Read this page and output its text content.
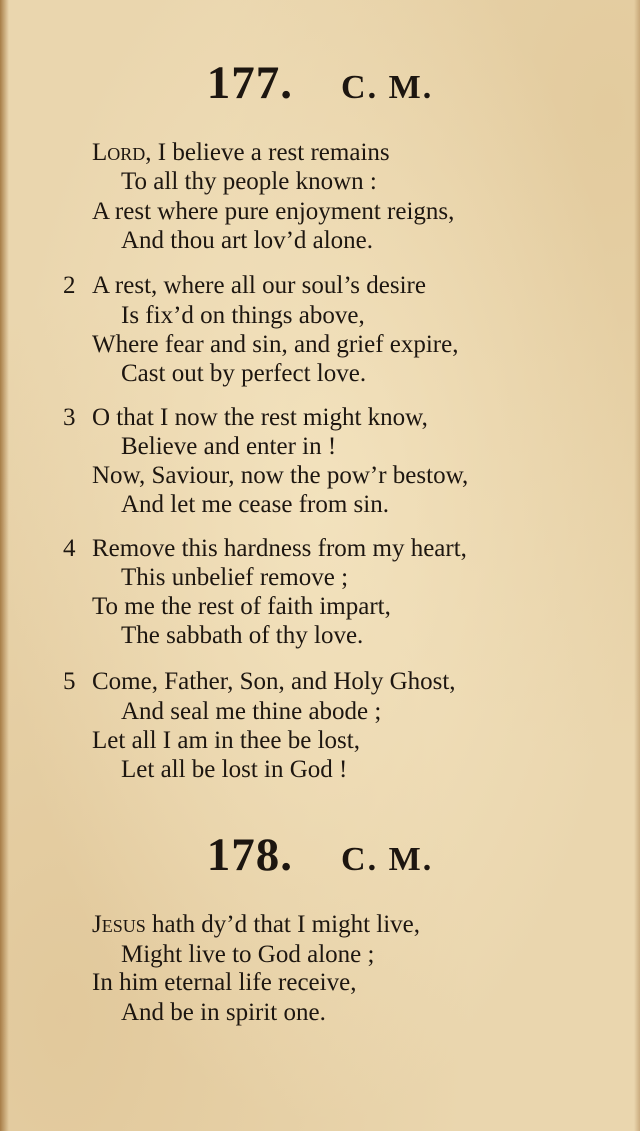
177. C. M.
Lord, I believe a rest remains
To all thy people known :
A rest where pure enjoyment reigns,
And thou art lov’d alone.
2 A rest, where all our soul’s desire
Is fix’d on things above,
Where fear and sin, and grief expire,
Cast out by perfect love.
3 O that I now the rest might know,
Believe and enter in !
Now, Saviour, now the pow’r bestow,
And let me cease from sin.
4 Remove this hardness from my heart,
This unbelief remove ;
To me the rest of faith impart,
The sabbath of thy love.
5 Come, Father, Son, and Holy Ghost,
And seal me thine abode ;
Let all I am in thee be lost,
Let all be lost in God !
178. C. M.
Jesus hath dy’d that I might live,
Might live to God alone ;
In him eternal life receive,
And be in spirit one.
